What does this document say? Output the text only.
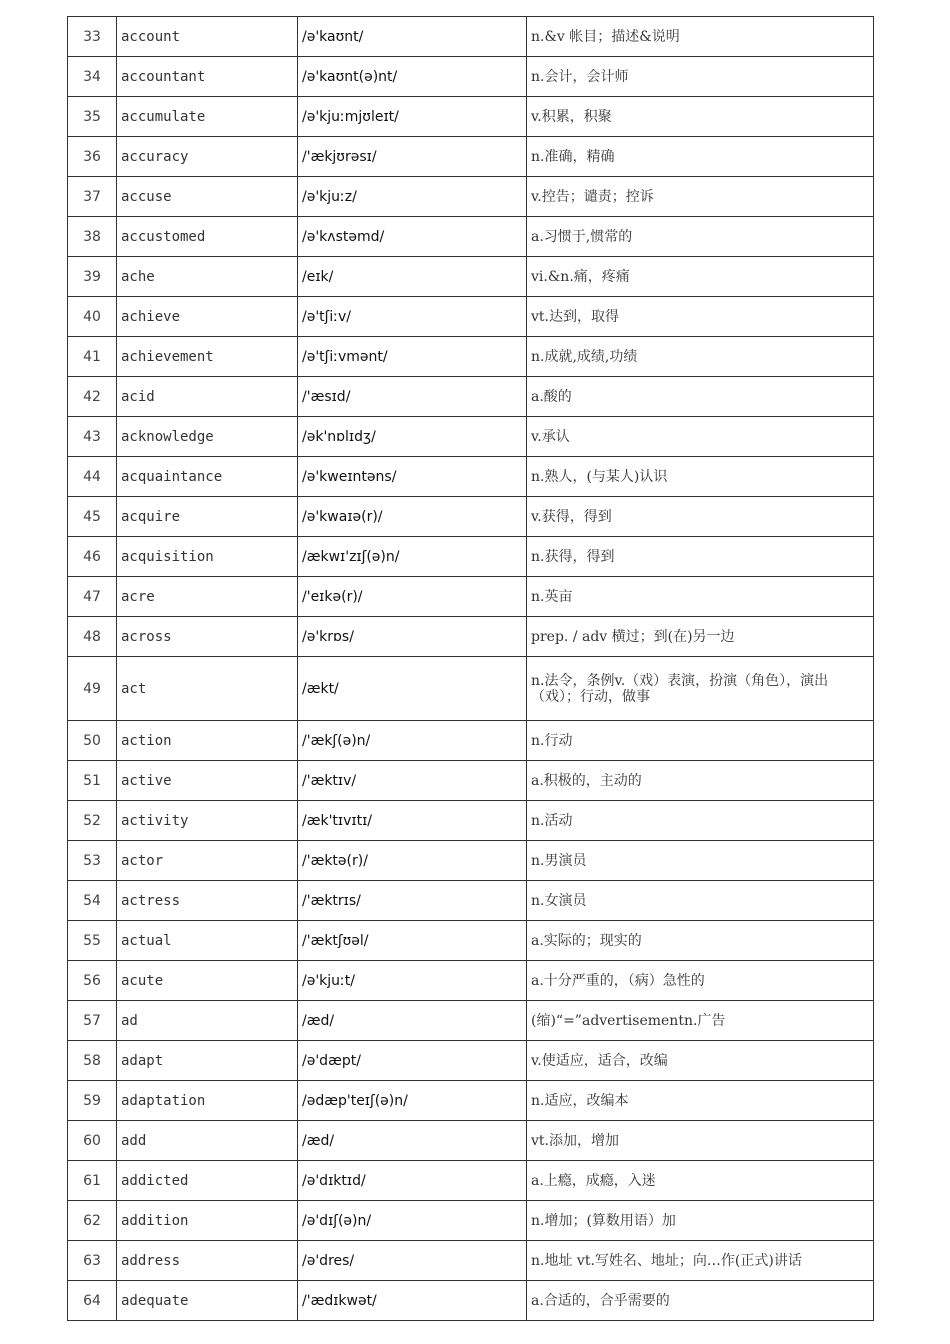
33	account	/ə'kaʊnt/	n.&v 帐目；描述&说明
34	accountant	/ə'kaʊnt(ə)nt/	n.会计，会计师
35	accumulate	/ə'kjuːmjʊleɪt/	v.积累，积聚
36	accuracy	/'ækjʊrəsɪ/	n.准确，精确
37	accuse	/ə'kjuːz/	v.控告；谴责；控诉
38	accustomed	/ə'kʌstəmd/	a.习惯于,惯常的
39	ache	/eɪk/	vi.&n.痛，疼痛
40	achieve	/ə'tʃiːv/	vt.达到，取得
41	achievement	/ə'tʃiːvmənt/	n.成就,成绩,功绩
42	acid	/'æsɪd/	a.酸的
43	acknowledge	/ək'nɒlɪdʒ/	v.承认
44	acquaintance	/ə'kweɪntəns/	n.熟人，(与某人)认识
45	acquire	/ə'kwaɪə(r)/	v.获得，得到
46	acquisition	/ækwɪ'zɪʃ(ə)n/	n.获得，得到
47	acre	/'eɪkə(r)/	n.英亩
48	across	/ə'krɒs/	prep. / adv 横过；到(在)另一边
49	act	/ækt/	n.法令，条例v.（戏）表演，扮演（角色），演出（戏）；行动，做事
50	action	/'ækʃ(ə)n/	n.行动
51	active	/'æktɪv/	a.积极的，主动的
52	activity	/æk'tɪvɪtɪ/	n.活动
53	actor	/'æktə(r)/	n.男演员
54	actress	/'æktrɪs/	n.女演员
55	actual	/'æktʃʊəl/	a.实际的；现实的
56	acute	/ə'kjuːt/	a.十分严重的，（病）急性的
57	ad	/æd/	(缩)“=”advertisementn.广告
58	adapt	/ə'dæpt/	v.使适应，适合，改编
59	adaptation	/ədæp'teɪʃ(ə)n/	n.适应，改编本
60	add	/æd/	vt.添加，增加
61	addicted	/ə'dɪktɪd/	a.上瘾，成瘾，入迷
62	addition	/ə'dɪʃ(ə)n/	n.增加；(算数用语）加
63	address	/ə'dres/	n.地址 vt.写姓名、地址；向…作(正式)讲话
64	adequate	/'ædɪkwət/	a.合适的，合乎需要的
